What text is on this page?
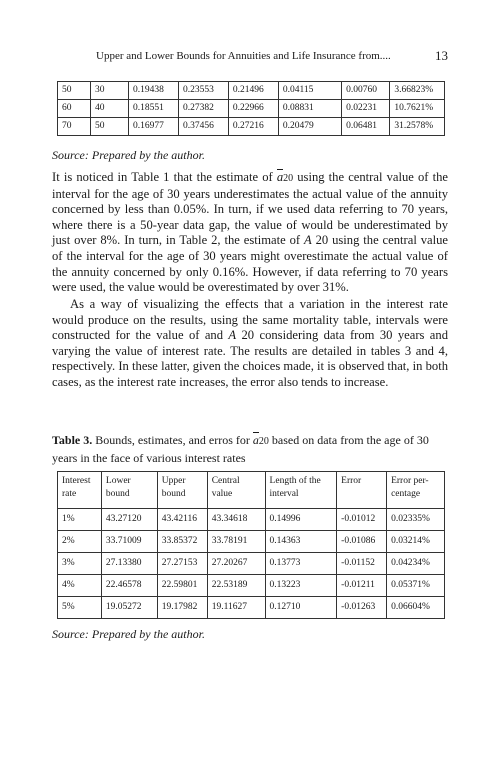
Upper and Lower Bounds for Annuities and Life Insurance from....	13
50	30	0.19438	0.23553	0.21496	0.04115	0.00760	3.66823%
60	40	0.18551	0.27382	0.22966	0.08831	0.02231	10.7621%
70	50	0.16977	0.37456	0.27216	0.20479	0.06481	31.2578%
Source: Prepared by the author.

It is noticed in Table 1 that the estimate of a20 using the central value of the interval for the age of 30 years underestimates the actual value of the annuity concerned by less than 0.05%. In turn, if we used data referring to 70 years, where there is a 50-year data gap, the value of would be underestimated by just over 8%. In turn, in Table 2, the estimate of A 20 using the central value of the interval for the age of 30 years might overestimate the actual value of the annuity concerned by only 0.16%. However, if data referring to 70 years were used, the value would be overestimated by over 31%.

As a way of visualizing the effects that a variation in the interest rate would produce on the results, using the same mortality table, intervals were constructed for the value of and A 20 considering data from 30 years and varying the value of interest rate. The results are detailed in tables 3 and 4, respectively. In these latter, given the choices made, it is observed that, in both cases, as the interest rate increases, the error also tends to increase.

Table 3. Bounds, estimates, and erros for a20 based on data from the age of 30 years in the face of various interest rates

Interest rate	Lower bound	Upper bound	Central value	Length of the interval	Error	Error per-centage
1%	43.27120	43.42116	43.34618	0.14996	-0.01012	0.02335%
2%	33.71009	33.85372	33.78191	0.14363	-0.01086	0.03214%
3%	27.13380	27.27153	27.20267	0.13773	-0.01152	0.04234%
4%	22.46578	22.59801	22.53189	0.13223	-0.01211	0.05371%
5%	19.05272	19.17982	19.11627	0.12710	-0.01263	0.06604%
Source: Prepared by the author.
